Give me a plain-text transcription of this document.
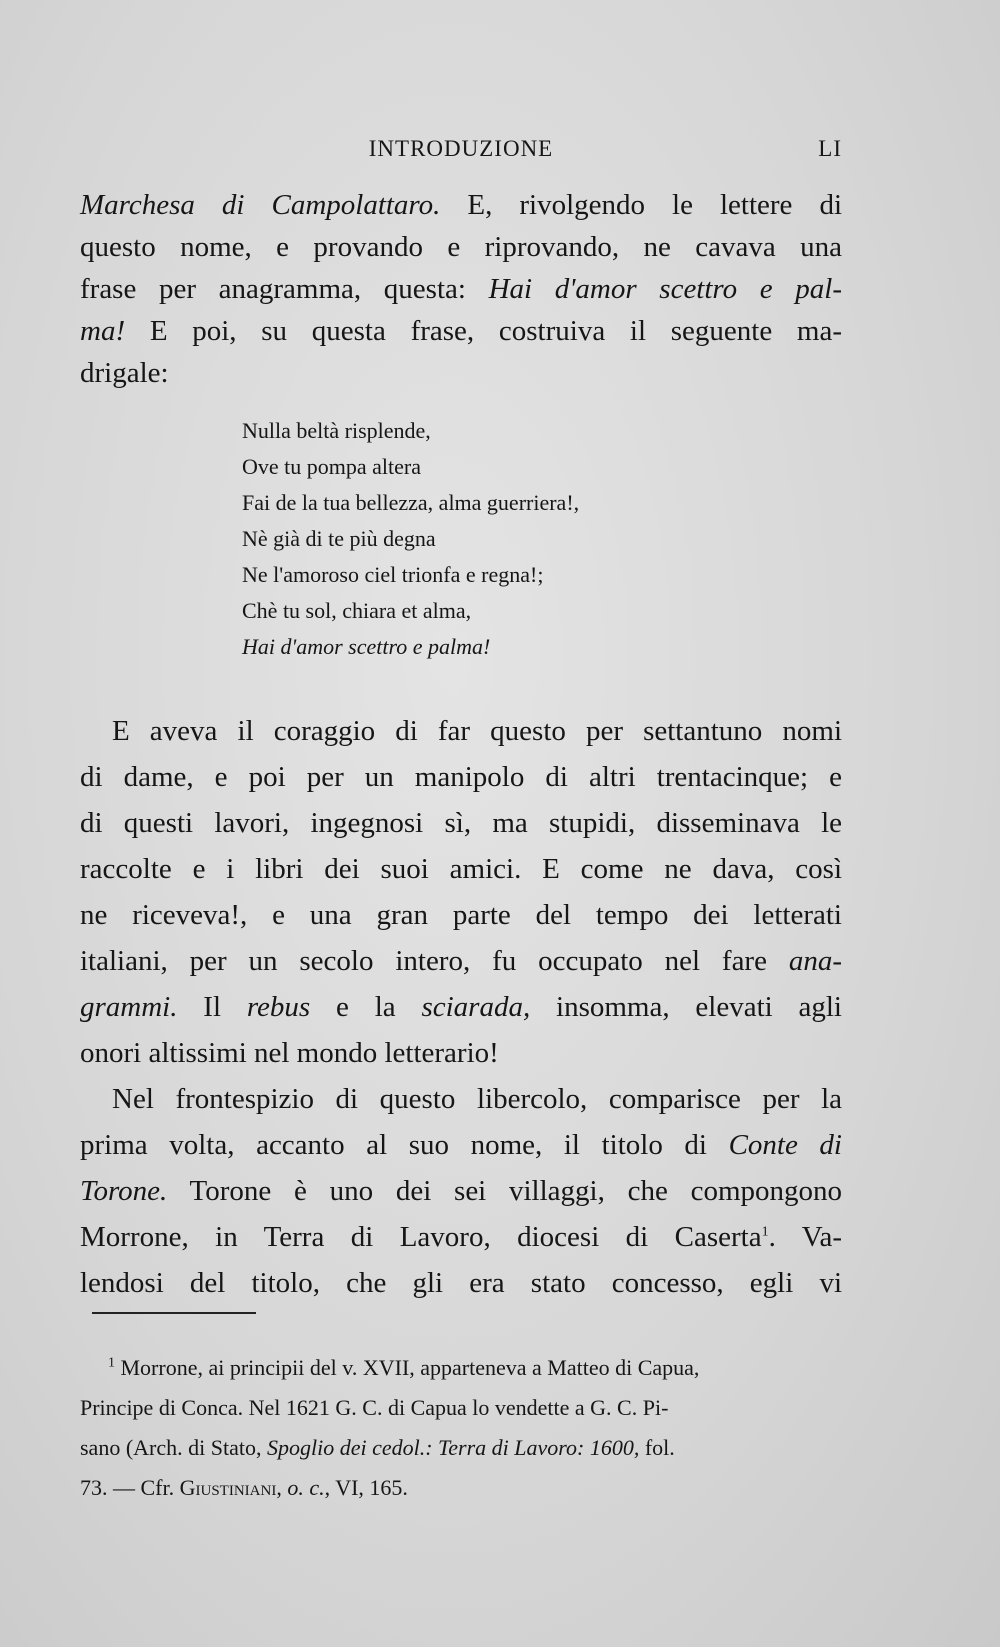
INTRODUZIONE	LI
Marchesa di Campolattaro. E, rivolgendo le lettere di
questo nome, e provando e riprovando, ne cavava una
frase per anagramma, questa: Hai d'amor scettro e pal-
ma! E poi, su questa frase, costruiva il seguente ma-
drigale:
Nulla beltà risplende,
Ove tu pompa altera
Fai de la tua bellezza, alma guerriera!,
Nè già di te più degna
Ne l'amoroso ciel trionfa e regna!;
Chè tu sol, chiara et alma,
Hai d'amor scettro e palma!
E aveva il coraggio di far questo per settantuno nomi
di dame, e poi per un manipolo di altri trentacinque; e
di questi lavori, ingegnosi sì, ma stupidi, disseminava le
raccolte e i libri dei suoi amici. E come ne dava, così
ne riceveva!, e una gran parte del tempo dei letterati
italiani, per un secolo intero, fu occupato nel fare ana-
grammi. Il rebus e la sciarada, insomma, elevati agli
onori altissimi nel mondo letterario!
Nel frontespizio di questo libercolo, comparisce per la
prima volta, accanto al suo nome, il titolo di Conte di
Torone. Torone è uno dei sei villaggi, che compongono
Morrone, in Terra di Lavoro, diocesi di Caserta$^1$. Va-
lendosi del titolo, che gli era stato concesso, egli vi
$^1$ Morrone, ai principii del v. XVII, apparteneva a Matteo di Capua,
Principe di Conca. Nel 1621 G. C. di Capua lo vendette a G. C. Pi-
sano (Arch. di Stato, Spoglio dei cedol.: Terra di Lavoro: 1600, fol.
73. — Cfr. Giustiniani, o. c., VI, 165.
